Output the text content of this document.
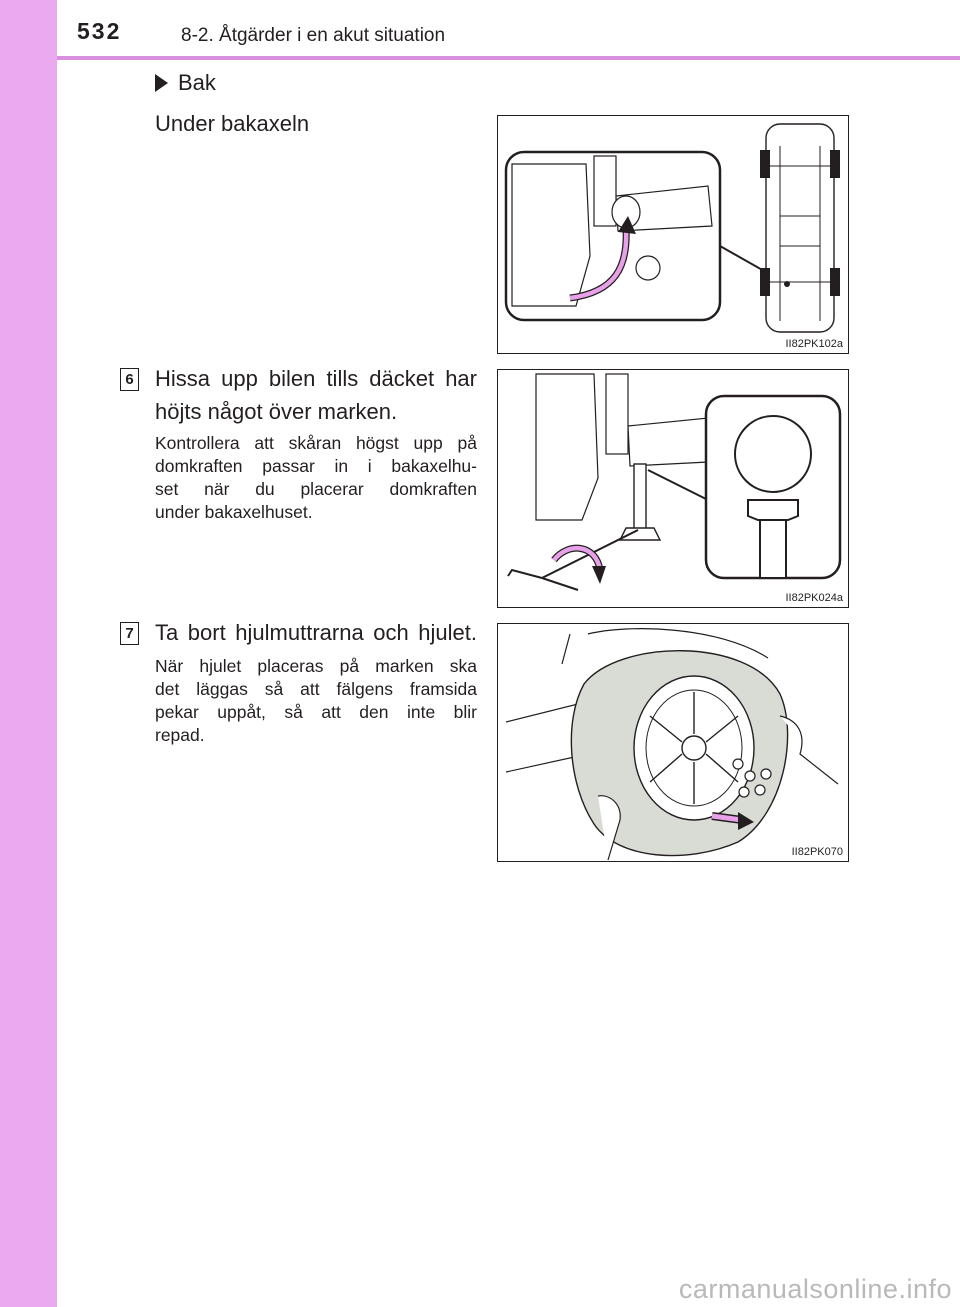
532	8-2. Åtgärder i en akut situation
Bak
Under bakaxeln
II82PK102a
6 Hissa upp bilen tills däcket har
höjts något över marken.
Kontrollera att skåran högst upp på
domkraften passar in i bakaxelhu-
set när du placerar domkraften
under bakaxelhuset.
II82PK024a
7 Ta bort hjulmuttrarna och hjulet.
När hjulet placeras på marken ska
det läggas så att fälgens framsida
pekar uppåt, så att den inte blir
repad.
II82PK070
carmanualsonline.info
